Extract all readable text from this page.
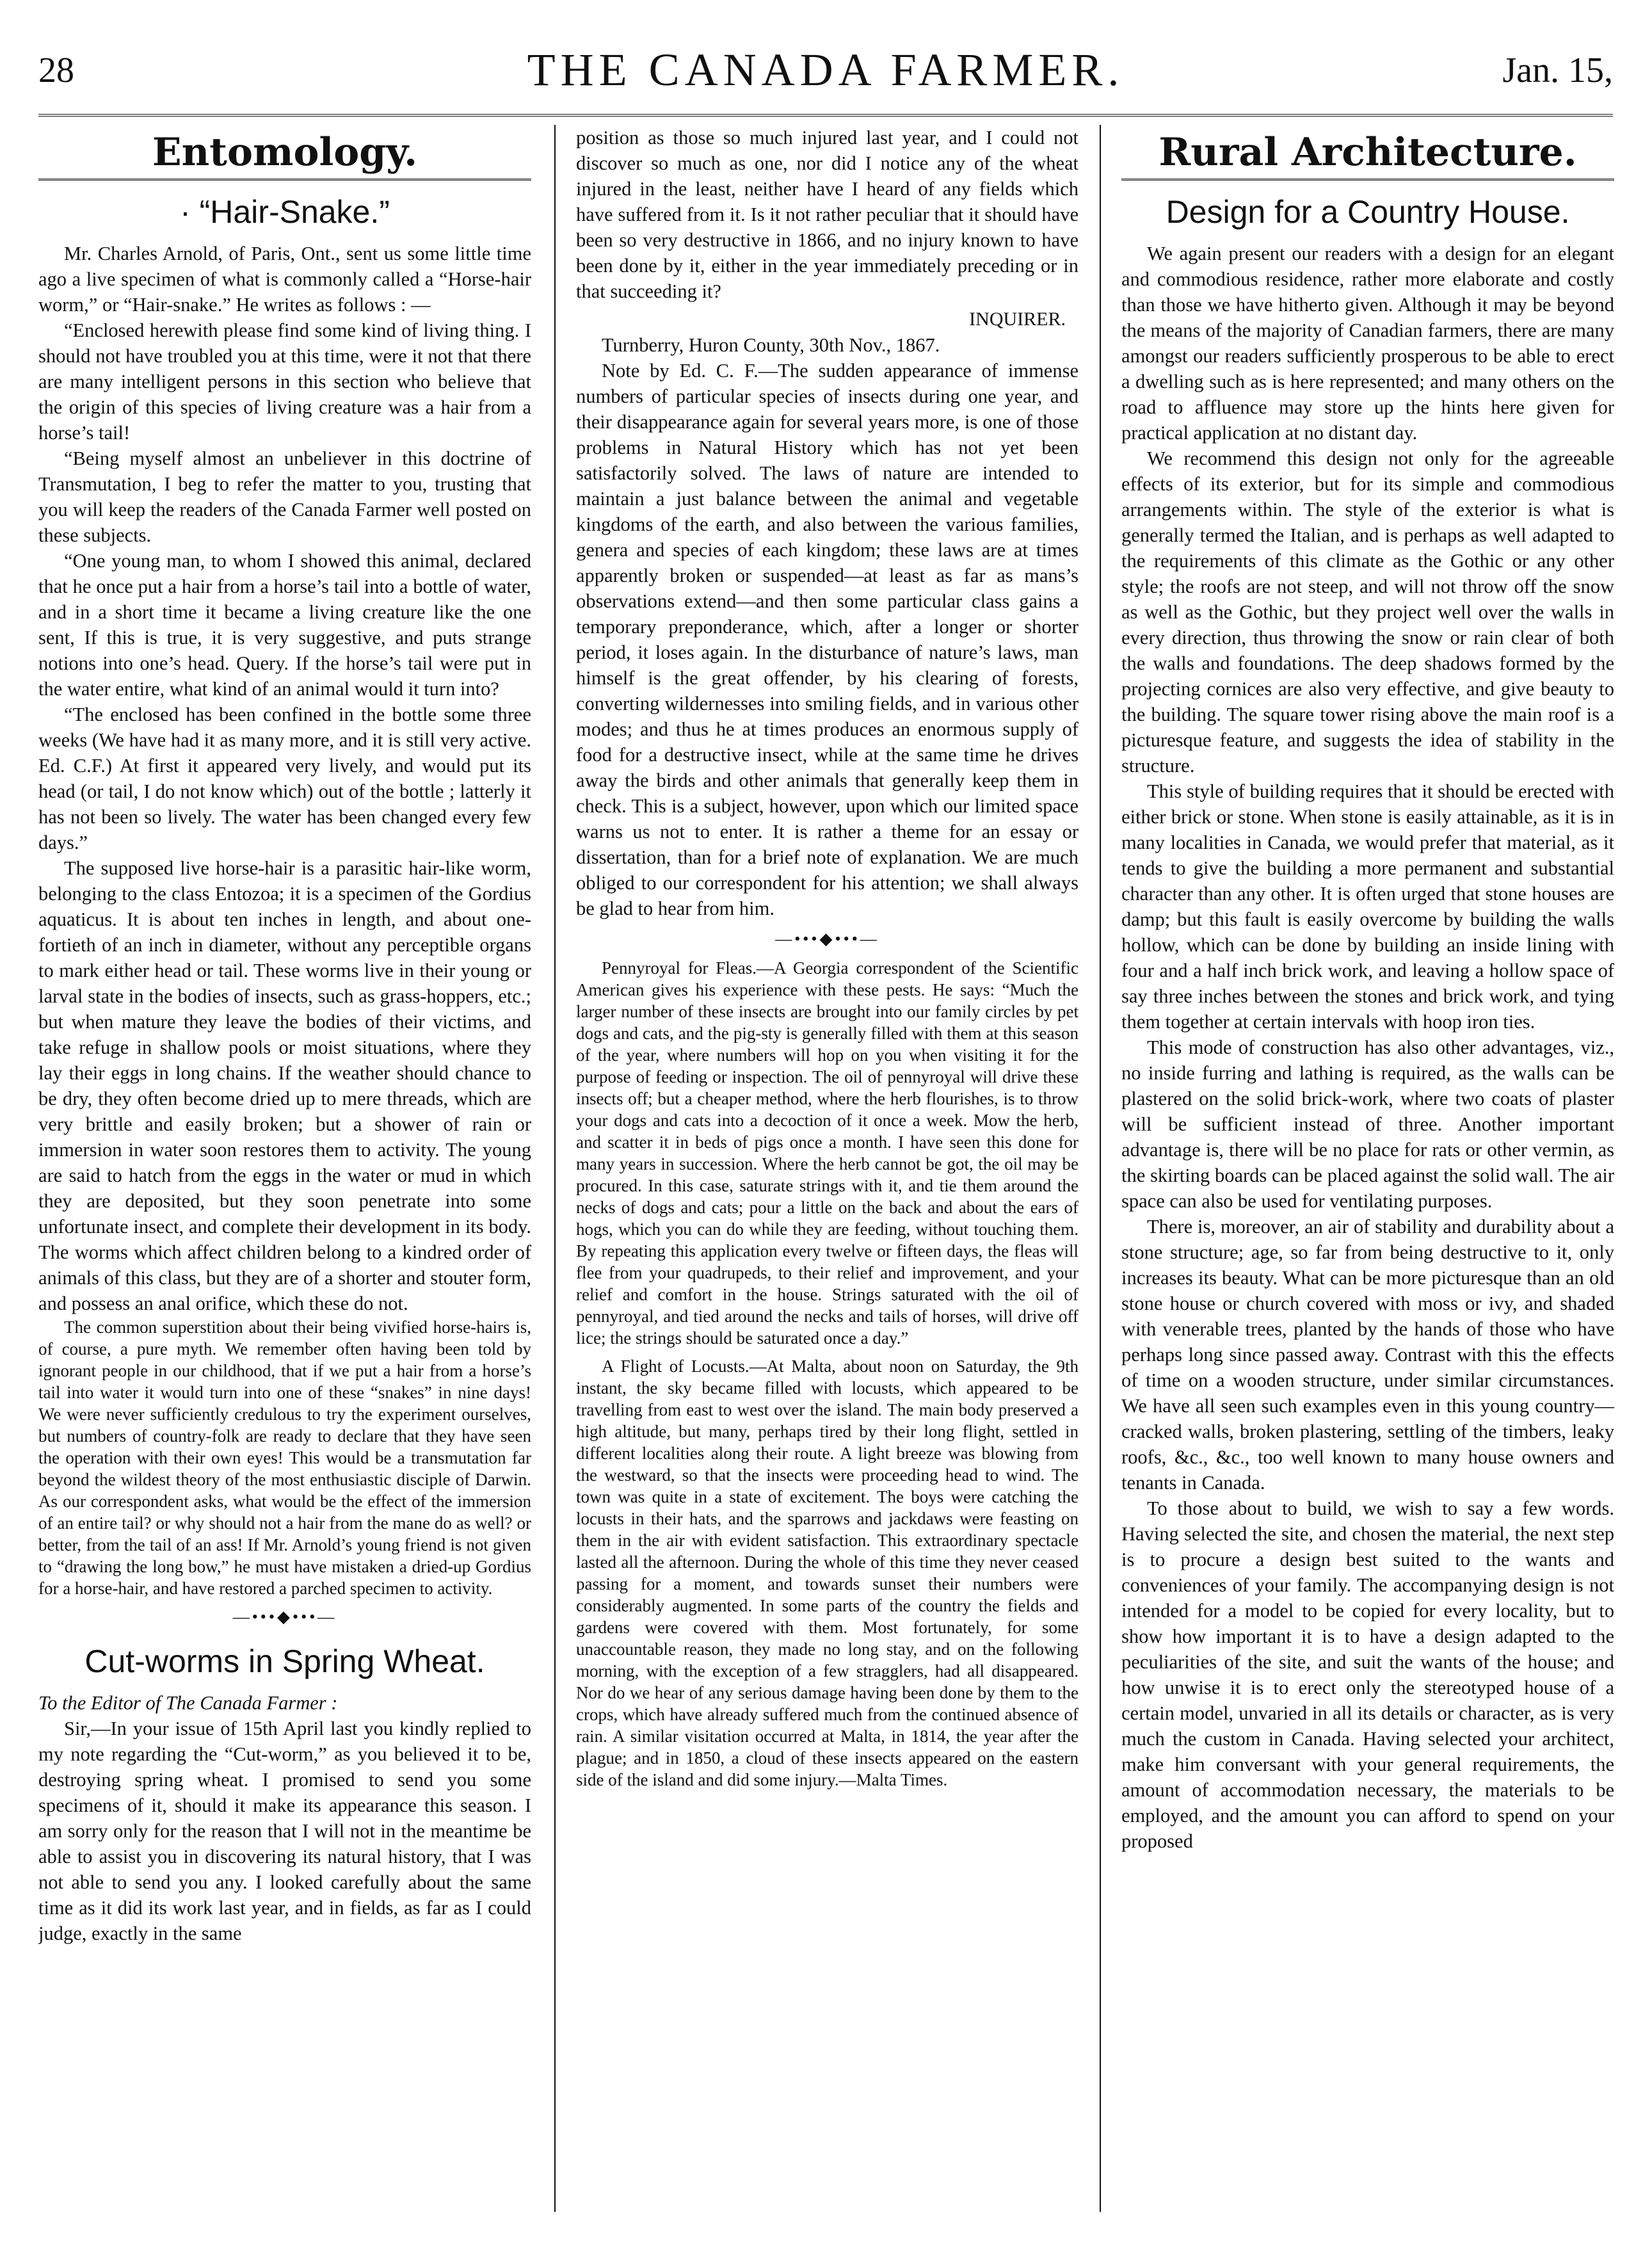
28	THE CANADA FARMER.	Jan. 15,
Entomology.
· “Hair-Snake.”

Mr. Charles Arnold, of Paris, Ont., sent us some little time ago a live specimen of what is commonly called a “Horse-hair worm,” or “Hair-snake.” He writes as follows : —

“Enclosed herewith please find some kind of living thing. I should not have troubled you at this time, were it not that there are many intelligent persons in this section who believe that the origin of this species of living creature was a hair from a horse’s tail!

“Being myself almost an unbeliever in this doctrine of Transmutation, I beg to refer the matter to you, trusting that you will keep the readers of the Canada Farmer well posted on these subjects.

“One young man, to whom I showed this animal, declared that he once put a hair from a horse’s tail into a bottle of water, and in a short time it became a living creature like the one sent, If this is true, it is very suggestive, and puts strange notions into one’s head. Query. If the horse’s tail were put in the water entire, what kind of an animal would it turn into?

“The enclosed has been confined in the bottle some three weeks (We have had it as many more, and it is still very active. Ed. C.F.) At first it appeared very lively, and would put its head (or tail, I do not know which) out of the bottle ; latterly it has not been so lively. The water has been changed every few days.”

The supposed live horse-hair is a parasitic hair-like worm, belonging to the class Entozoa; it is a specimen of the Gordius aquaticus. It is about ten inches in length, and about one-fortieth of an inch in diameter, without any perceptible organs to mark either head or tail. These worms live in their young or larval state in the bodies of insects, such as grass-hoppers, etc.; but when mature they leave the bodies of their victims, and take refuge in shallow pools or moist situations, where they lay their eggs in long chains. If the weather should chance to be dry, they often become dried up to mere threads, which are very brittle and easily broken; but a shower of rain or immersion in water soon restores them to activity. The young are said to hatch from the eggs in the water or mud in which they are deposited, but they soon penetrate into some unfortunate insect, and complete their development in its body. The worms which affect children belong to a kindred order of animals of this class, but they are of a shorter and stouter form, and possess an anal orifice, which these do not.

The common superstition about their being vivified horse-hairs is, of course, a pure myth. We remember often having been told by ignorant people in our childhood, that if we put a hair from a horse’s tail into water it would turn into one of these “snakes” in nine days! We were never sufficiently credulous to try the experiment ourselves, but numbers of country-folk are ready to declare that they have seen the operation with their own eyes! This would be a transmutation far beyond the wildest theory of the most enthusiastic disciple of Darwin. As our correspondent asks, what would be the effect of the immersion of an entire tail? or why should not a hair from the mane do as well? or better, from the tail of an ass! If Mr. Arnold’s young friend is not given to “drawing the long bow,” he must have mistaken a dried-up Gordius for a horse-hair, and have restored a parched specimen to activity.

—•••◆•••—
Cut-worms in Spring Wheat.

To the Editor of The Canada Farmer :

Sir,—In your issue of 15th April last you kindly replied to my note regarding the “Cut-worm,” as you believed it to be, destroying spring wheat. I promised to send you some specimens of it, should it make its appearance this season. I am sorry only for the reason that I will not in the meantime be able to assist you in discovering its natural history, that I was not able to send you any. I looked carefully about the same time as it did its work last year, and in fields, as far as I could judge, exactly in the same

position as those so much injured last year, and I could not discover so much as one, nor did I notice any of the wheat injured in the least, neither have I heard of any fields which have suffered from it. Is it not rather peculiar that it should have been so very destructive in 1866, and no injury known to have been done by it, either in the year immediately preceding or in that succeeding it?

INQUIRER.

Turnberry, Huron County, 30th Nov., 1867.

Note by Ed. C. F.—The sudden appearance of immense numbers of particular species of insects during one year, and their disappearance again for several years more, is one of those problems in Natural History which has not yet been satisfactorily solved. The laws of nature are intended to maintain a just balance between the animal and vegetable kingdoms of the earth, and also between the various families, genera and species of each kingdom; these laws are at times apparently broken or suspended—at least as far as mans’s observations extend—and then some particular class gains a temporary preponderance, which, after a longer or shorter period, it loses again. In the disturbance of nature’s laws, man himself is the great offender, by his clearing of forests, converting wildernesses into smiling fields, and in various other modes; and thus he at times produces an enormous supply of food for a destructive insect, while at the same time he drives away the birds and other animals that generally keep them in check. This is a subject, however, upon which our limited space warns us not to enter. It is rather a theme for an essay or dissertation, than for a brief note of explanation. We are much obliged to our correspondent for his attention; we shall always be glad to hear from him.

—•••◆•••—

Pennyroyal for Fleas.—A Georgia correspondent of the Scientific American gives his experience with these pests. He says: “Much the larger number of these insects are brought into our family circles by pet dogs and cats, and the pig-sty is generally filled with them at this season of the year, where numbers will hop on you when visiting it for the purpose of feeding or inspection. The oil of pennyroyal will drive these insects off; but a cheaper method, where the herb flourishes, is to throw your dogs and cats into a decoction of it once a week. Mow the herb, and scatter it in beds of pigs once a month. I have seen this done for many years in succession. Where the herb cannot be got, the oil may be procured. In this case, saturate strings with it, and tie them around the necks of dogs and cats; pour a little on the back and about the ears of hogs, which you can do while they are feeding, without touching them. By repeating this application every twelve or fifteen days, the fleas will flee from your quadrupeds, to their relief and improvement, and your relief and comfort in the house. Strings saturated with the oil of pennyroyal, and tied around the necks and tails of horses, will drive off lice; the strings should be saturated once a day.”

A Flight of Locusts.—At Malta, about noon on Saturday, the 9th instant, the sky became filled with locusts, which appeared to be travelling from east to west over the island. The main body preserved a high altitude, but many, perhaps tired by their long flight, settled in different localities along their route. A light breeze was blowing from the westward, so that the insects were proceeding head to wind. The town was quite in a state of excitement. The boys were catching the locusts in their hats, and the sparrows and jackdaws were feasting on them in the air with evident satisfaction. This extraordinary spectacle lasted all the afternoon. During the whole of this time they never ceased passing for a moment, and towards sunset their numbers were considerably augmented. In some parts of the country the fields and gardens were covered with them. Most fortunately, for some unaccountable reason, they made no long stay, and on the following morning, with the exception of a few stragglers, had all disappeared. Nor do we hear of any serious damage having been done by them to the crops, which have already suffered much from the continued absence of rain. A similar visitation occurred at Malta, in 1814, the year after the plague; and in 1850, a cloud of these insects appeared on the eastern side of the island and did some injury.—Malta Times.

Rural Architecture.
Design for a Country House.

We again present our readers with a design for an elegant and commodious residence, rather more elaborate and costly than those we have hitherto given. Although it may be beyond the means of the majority of Canadian farmers, there are many amongst our readers sufficiently prosperous to be able to erect a dwelling such as is here represented; and many others on the road to affluence may store up the hints here given for practical application at no distant day.

We recommend this design not only for the agreeable effects of its exterior, but for its simple and commodious arrangements within. The style of the exterior is what is generally termed the Italian, and is perhaps as well adapted to the requirements of this climate as the Gothic or any other style; the roofs are not steep, and will not throw off the snow as well as the Gothic, but they project well over the walls in every direction, thus throwing the snow or rain clear of both the walls and foundations. The deep shadows formed by the projecting cornices are also very effective, and give beauty to the building. The square tower rising above the main roof is a picturesque feature, and suggests the idea of stability in the structure.

This style of building requires that it should be erected with either brick or stone. When stone is easily attainable, as it is in many localities in Canada, we would prefer that material, as it tends to give the building a more permanent and substantial character than any other. It is often urged that stone houses are damp; but this fault is easily overcome by building the walls hollow, which can be done by building an inside lining with four and a half inch brick work, and leaving a hollow space of say three inches between the stones and brick work, and tying them together at certain intervals with hoop iron ties.

This mode of construction has also other advantages, viz., no inside furring and lathing is required, as the walls can be plastered on the solid brick-work, where two coats of plaster will be sufficient instead of three. Another important advantage is, there will be no place for rats or other vermin, as the skirting boards can be placed against the solid wall. The air space can also be used for ventilating purposes.

There is, moreover, an air of stability and durability about a stone structure; age, so far from being destructive to it, only increases its beauty. What can be more picturesque than an old stone house or church covered with moss or ivy, and shaded with venerable trees, planted by the hands of those who have perhaps long since passed away. Contrast with this the effects of time on a wooden structure, under similar circumstances. We have all seen such examples even in this young country—cracked walls, broken plastering, settling of the timbers, leaky roofs, &c., &c., too well known to many house owners and tenants in Canada.

To those about to build, we wish to say a few words. Having selected the site, and chosen the material, the next step is to procure a design best suited to the wants and conveniences of your family. The accompanying design is not intended for a model to be copied for every locality, but to show how important it is to have a design adapted to the peculiarities of the site, and suit the wants of the house; and how unwise it is to erect only the stereotyped house of a certain model, unvaried in all its details or character, as is very much the custom in Canada. Having selected your architect, make him conversant with your general requirements, the amount of accommodation necessary, the materials to be employed, and the amount you can afford to spend on your proposed
